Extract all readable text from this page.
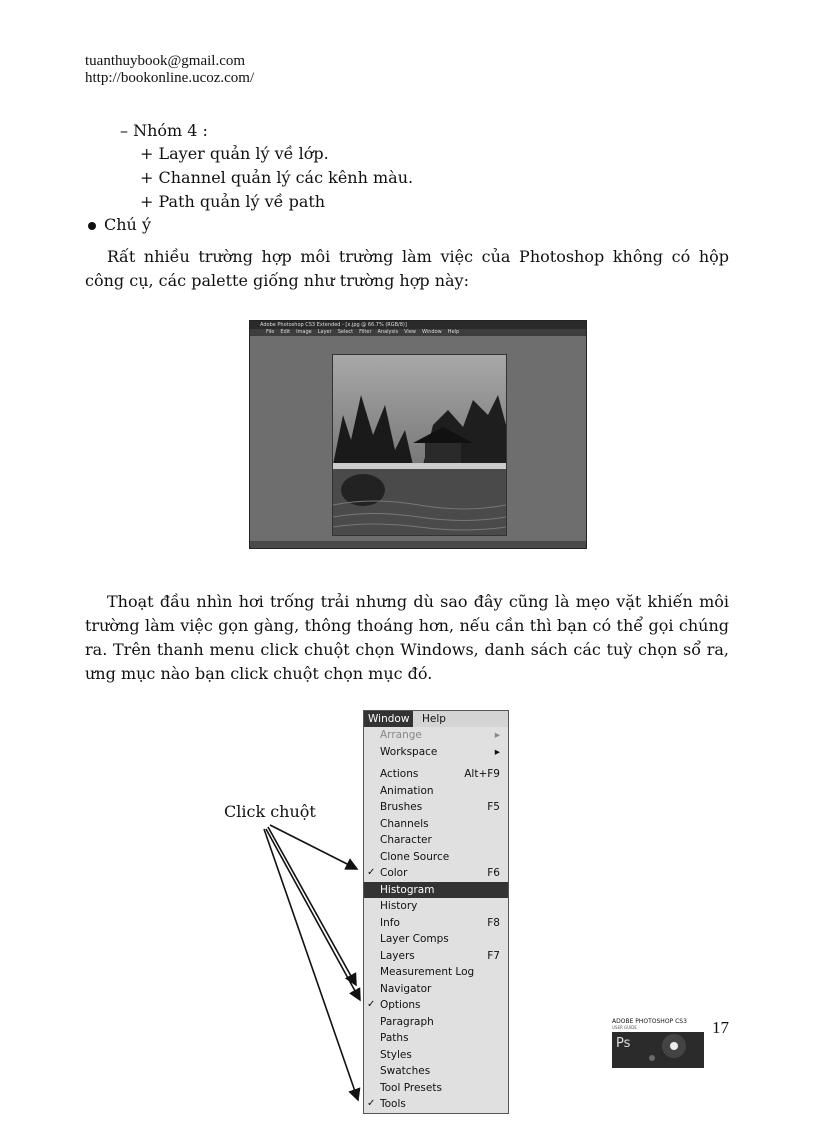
tuanthuybook@gmail.com
http://bookonline.ucoz.com/
– Nhóm 4 :
+ Layer quản lý về lớp.
+ Channel quản lý các kênh màu.
+ Path quản lý về path
Chú ý
Rất nhiều trường hợp môi trường làm việc của Photoshop không có hộp công cụ, các palette giống như trường hợp này:
Adobe Photoshop CS3 Extended - [x.jpg @ 66.7% (RGB/8)]
File Edit Image Layer Select Filter Analysis View Window Help
Thoạt đầu nhìn hơi trống trải nhưng dù sao đây cũng là mẹo vặt khiến môi trường làm việc gọn gàng, thông thoáng hơn, nếu cần thì bạn có thể gọi chúng ra. Trên thanh menu click chuột chọn Windows, danh sách các tuỳ chọn sổ ra, ưng mục nào bạn click chuột chọn mục đó.
Click chuột
Window	Help
Arrange	▸
Workspace	▸
Actions	Alt+F9
Animation
Brushes	F5
Channels
Character
Clone Source
✓ Color	F6
Histogram
History
Info	F8
Layer Comps
Layers	F7
Measurement Log
Navigator
✓ Options
Paragraph
Paths
Styles
Swatches
Tool Presets
✓ Tools
ADOBE PHOTOSHOP CS3
USER GUIDE
Ps
17
